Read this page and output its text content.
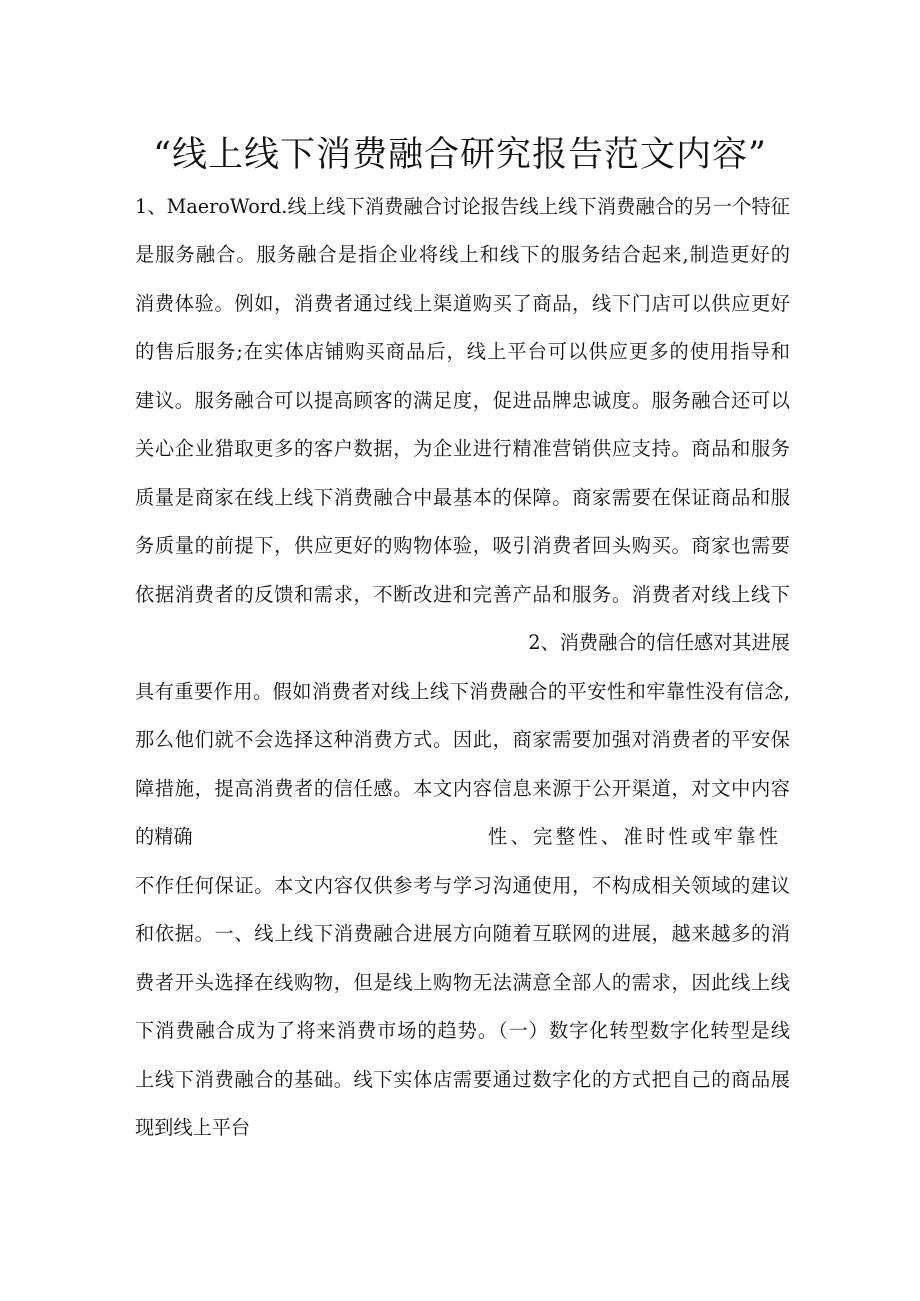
“线上线下消费融合研究报告范文内容”
1、MaeroWord.线上线下消费融合讨论报告线上线下消费融合的另一个特征
是服务融合。服务融合是指企业将线上和线下的服务结合起来,制造更好的
消费体验。例如，消费者通过线上渠道购买了商品，线下门店可以供应更好
的售后服务;在实体店铺购买商品后，线上平台可以供应更多的使用指导和
建议。服务融合可以提高顾客的满足度，促进品牌忠诚度。服务融合还可以
关心企业猎取更多的客户数据，为企业进行精准营销供应支持。商品和服务
质量是商家在线上线下消费融合中最基本的保障。商家需要在保证商品和服
务质量的前提下，供应更好的购物体验，吸引消费者回头购买。商家也需要
依据消费者的反馈和需求，不断改进和完善产品和服务。消费者对线上线下
2、消费融合的信任感对其进展
具有重要作用。假如消费者对线上线下消费融合的平安性和牢靠性没有信念,
那么他们就不会选择这种消费方式。因此，商家需要加强对消费者的平安保
障措施，提高消费者的信任感。本文内容信息来源于公开渠道，对文中内容
的精确	性、完整性、准时性或牢靠性
不作任何保证。本文内容仅供参考与学习沟通使用，不构成相关领域的建议
和依据。一、线上线下消费融合进展方向随着互联网的进展，越来越多的消
费者开头选择在线购物，但是线上购物无法满意全部人的需求，因此线上线
下消费融合成为了将来消费市场的趋势。（一）数字化转型数字化转型是线
上线下消费融合的基础。线下实体店需要通过数字化的方式把自己的商品展
现到线上平台
